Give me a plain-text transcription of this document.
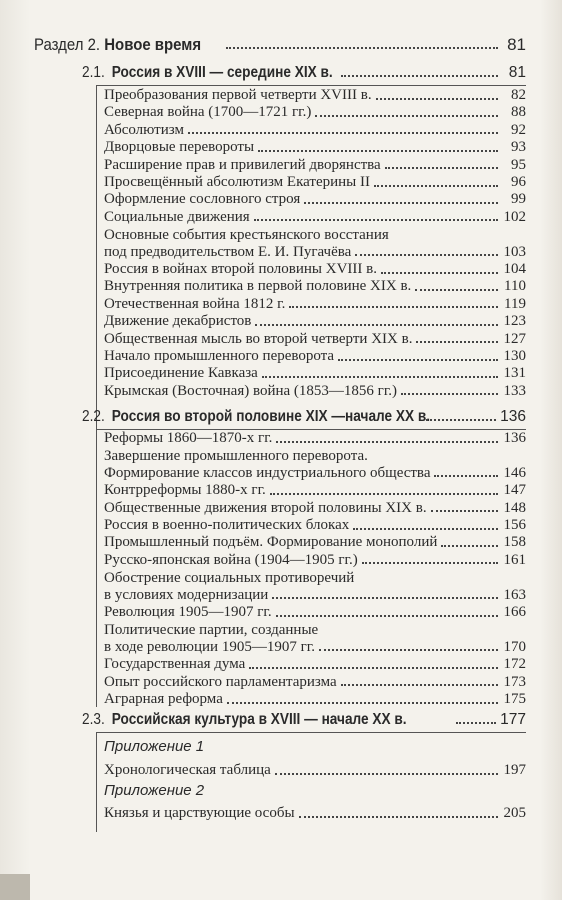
Раздел 2. Новое время	81
2.1. Россия в XVIII — середине XIX в.	81
Преобразования первой четверти XVIII в.	82
Северная война (1700—1721 гг.)	88
Абсолютизм	92
Дворцовые перевороты	93
Расширение прав и привилегий дворянства	95
Просвещённый абсолютизм Екатерины II	96
Оформление сословного строя	99
Социальные движения	102
Основные события крестьянского восстания
под предводительством Е. И. Пугачёва	103
Россия в войнах второй половины XVIII в.	104
Внутренняя политика в первой половине XIX в.	110
Отечественная война 1812 г.	119
Движение декабристов	123
Общественная мысль во второй четверти XIX в.	127
Начало промышленного переворота	130
Присоединение Кавказа	131
Крымская (Восточная) война (1853—1856 гг.)	133
2.2. Россия во второй половине XIX —начале XX в.	136
Реформы 1860—1870-х гг.	136
Завершение промышленного переворота.
Формирование классов индустриального общества	146
Контрреформы 1880-х гг.	147
Общественные движения второй половины XIX в.	148
Россия в военно-политических блоках	156
Промышленный подъём. Формирование монополий	158
Русско-японская война (1904—1905 гг.)	161
Обострение социальных противоречий
в условиях модернизации	163
Революция 1905—1907 гг.	166
Политические партии, созданные
в ходе революции 1905—1907 гг.	170
Государственная дума	172
Опыт российского парламентаризма	173
Аграрная реформа	175
2.3. Российская культура в XVIII — начале XX в.	177
Приложение 1
Хронологическая таблица	197
Приложение 2
Князья и царствующие особы	205
